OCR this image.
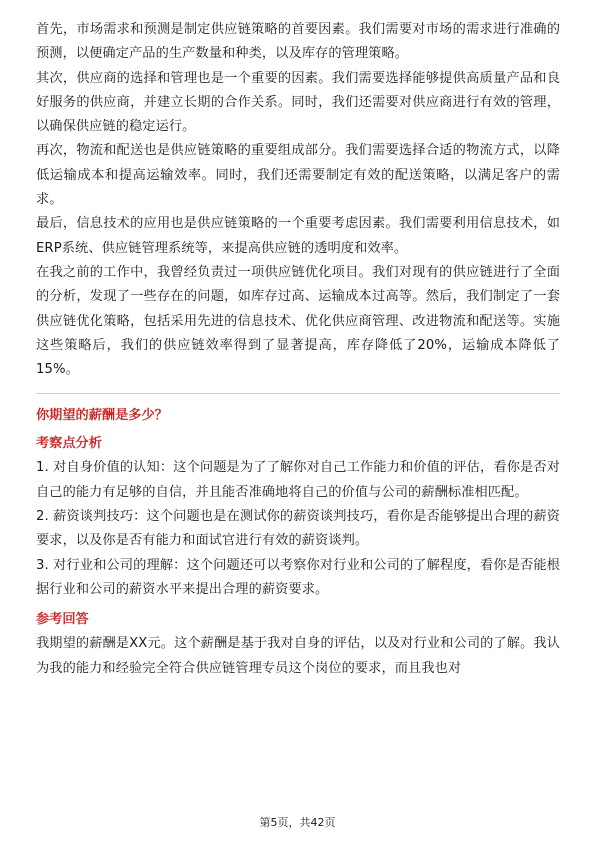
首先，市场需求和预测是制定供应链策略的首要因素。我们需要对市场的需求进行准确的预测，以便确定产品的生产数量和种类，以及库存的管理策略。

其次，供应商的选择和管理也是一个重要的因素。我们需要选择能够提供高质量产品和良好服务的供应商，并建立长期的合作关系。同时，我们还需要对供应商进行有效的管理，以确保供应链的稳定运行。

再次，物流和配送也是供应链策略的重要组成部分。我们需要选择合适的物流方式，以降低运输成本和提高运输效率。同时，我们还需要制定有效的配送策略，以满足客户的需求。

最后，信息技术的应用也是供应链策略的一个重要考虑因素。我们需要利用信息技术，如ERP系统、供应链管理系统等，来提高供应链的透明度和效率。

在我之前的工作中，我曾经负责过一项供应链优化项目。我们对现有的供应链进行了全面的分析，发现了一些存在的问题，如库存过高、运输成本过高等。然后，我们制定了一套供应链优化策略，包括采用先进的信息技术、优化供应商管理、改进物流和配送等。实施这些策略后，我们的供应链效率得到了显著提高，库存降低了20%，运输成本降低了15%。

你期望的薪酬是多少？

考察点分析

1. 对自身价值的认知：这个问题是为了了解你对自己工作能力和价值的评估，看你是否对自己的能力有足够的自信，并且能否准确地将自己的价值与公司的薪酬标准相匹配。

2. 薪资谈判技巧：这个问题也是在测试你的薪资谈判技巧，看你是否能够提出合理的薪资要求，以及你是否有能力和面试官进行有效的薪资谈判。

3. 对行业和公司的理解：这个问题还可以考察你对行业和公司的了解程度，看你是否能根据行业和公司的薪资水平来提出合理的薪资要求。

参考回答

我期望的薪酬是XX元。这个薪酬是基于我对自身的评估，以及对行业和公司的了解。我认为我的能力和经验完全符合供应链管理专员这个岗位的要求，而且我也对

第5页，共42页
